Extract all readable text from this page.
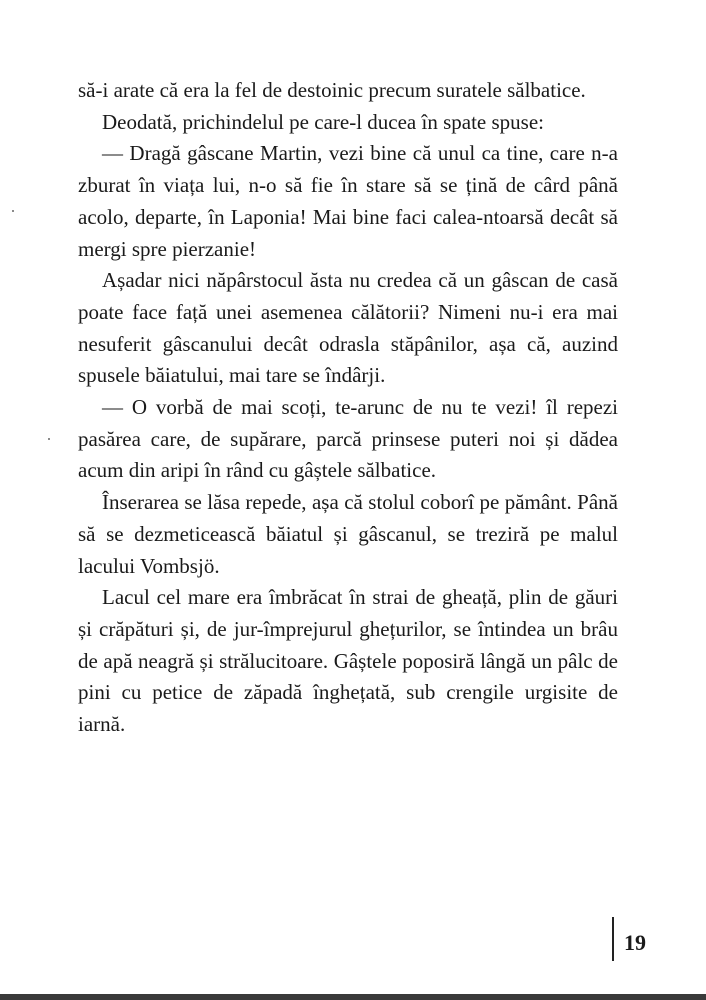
să-i arate că era la fel de destoinic precum suratele sălbatice.

Deodată, prichindelul pe care-l ducea în spate spuse:

— Dragă gâscane Martin, vezi bine că unul ca tine, care n-a zburat în viața lui, n-o să fie în stare să se țină de cârd până acolo, departe, în Laponia! Mai bine faci calea-ntoarsă decât să mergi spre pierzanie!

Așadar nici năpârstocul ăsta nu credea că un gâscan de casă poate face față unei asemenea călătorii? Nimeni nu-i era mai nesuferit gâscanului decât odrasla stăpânilor, așa că, auzind spusele băiatului, mai tare se îndârji.

— O vorbă de mai scoți, te-arunc de nu te vezi! îl repezi pasărea care, de supărare, parcă prinsese puteri noi și dădea acum din aripi în rând cu gâștele sălbatice.

Înserarea se lăsa repede, așa că stolul coborî pe pământ. Până să se dezmeticească băiatul și gâscanul, se treziră pe malul lacului Vombsjö.

Lacul cel mare era îmbrăcat în strai de gheață, plin de găuri și crăpături și, de jur-împrejurul ghețurilor, se întindea un brâu de apă neagră și strălucitoare. Gâștele poposiră lângă un pâlc de pini cu petice de zăpadă înghețată, sub crengile urgisite de iarnă.

19
